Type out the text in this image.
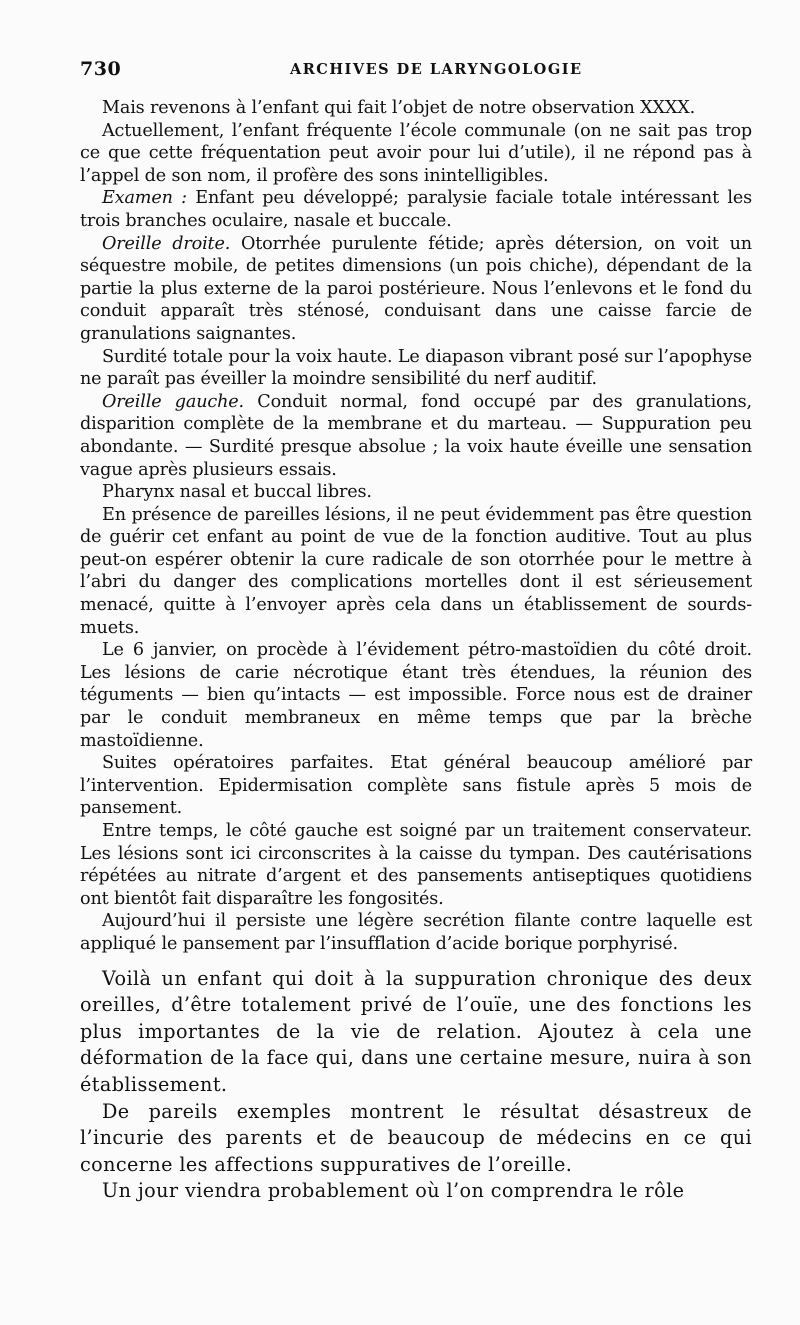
730	ARCHIVES DE LARYNGOLOGIE

Mais revenons à l’enfant qui fait l’objet de notre observation XXXX.

Actuellement, l’enfant fréquente l’école communale (on ne sait pas trop ce que cette fréquentation peut avoir pour lui d’utile), il ne répond pas à l’appel de son nom, il profère des sons inintelligibles.

Examen : Enfant peu développé; paralysie faciale totale intéressant les trois branches oculaire, nasale et buccale.

Oreille droite. Otorrhée purulente fétide; après détersion, on voit un séquestre mobile, de petites dimensions (un pois chiche), dépendant de la partie la plus externe de la paroi postérieure. Nous l’enlevons et le fond du conduit apparaît très sténosé, conduisant dans une caisse farcie de granulations saignantes.

Surdité totale pour la voix haute. Le diapason vibrant posé sur l’apophyse ne paraît pas éveiller la moindre sensibilité du nerf auditif.

Oreille gauche. Conduit normal, fond occupé par des granulations, disparition complète de la membrane et du marteau. — Suppuration peu abondante. — Surdité presque absolue ; la voix haute éveille une sensation vague après plusieurs essais.

Pharynx nasal et buccal libres.

En présence de pareilles lésions, il ne peut évidemment pas être question de guérir cet enfant au point de vue de la fonction auditive. Tout au plus peut-on espérer obtenir la cure radicale de son otorrhée pour le mettre à l’abri du danger des complications mortelles dont il est sérieusement menacé, quitte à l’envoyer après cela dans un établissement de sourds-muets.

Le 6 janvier, on procède à l’évidement pétro-mastoïdien du côté droit. Les lésions de carie nécrotique étant très étendues, la réunion des téguments — bien qu’intacts — est impossible. Force nous est de drainer par le conduit membraneux en même temps que par la brèche mastoïdienne.

Suites opératoires parfaites. Etat général beaucoup amélioré par l’intervention. Epidermisation complète sans fistule après 5 mois de pansement.

Entre temps, le côté gauche est soigné par un traitement conservateur. Les lésions sont ici circonscrites à la caisse du tympan. Des cautérisations répétées au nitrate d’argent et des pansements antiseptiques quotidiens ont bientôt fait disparaître les fongosités.

Aujourd’hui il persiste une légère secrétion filante contre laquelle est appliqué le pansement par l’insufflation d’acide borique porphyrisé.

Voilà un enfant qui doit à la suppuration chronique des deux oreilles, d’être totalement privé de l’ouïe, une des fonctions les plus importantes de la vie de relation. Ajoutez à cela une déformation de la face qui, dans une certaine mesure, nuira à son établissement.

De pareils exemples montrent le résultat désastreux de l’incurie des parents et de beaucoup de médecins en ce qui concerne les affections suppuratives de l’oreille.

Un jour viendra probablement où l’on comprendra le rôle
